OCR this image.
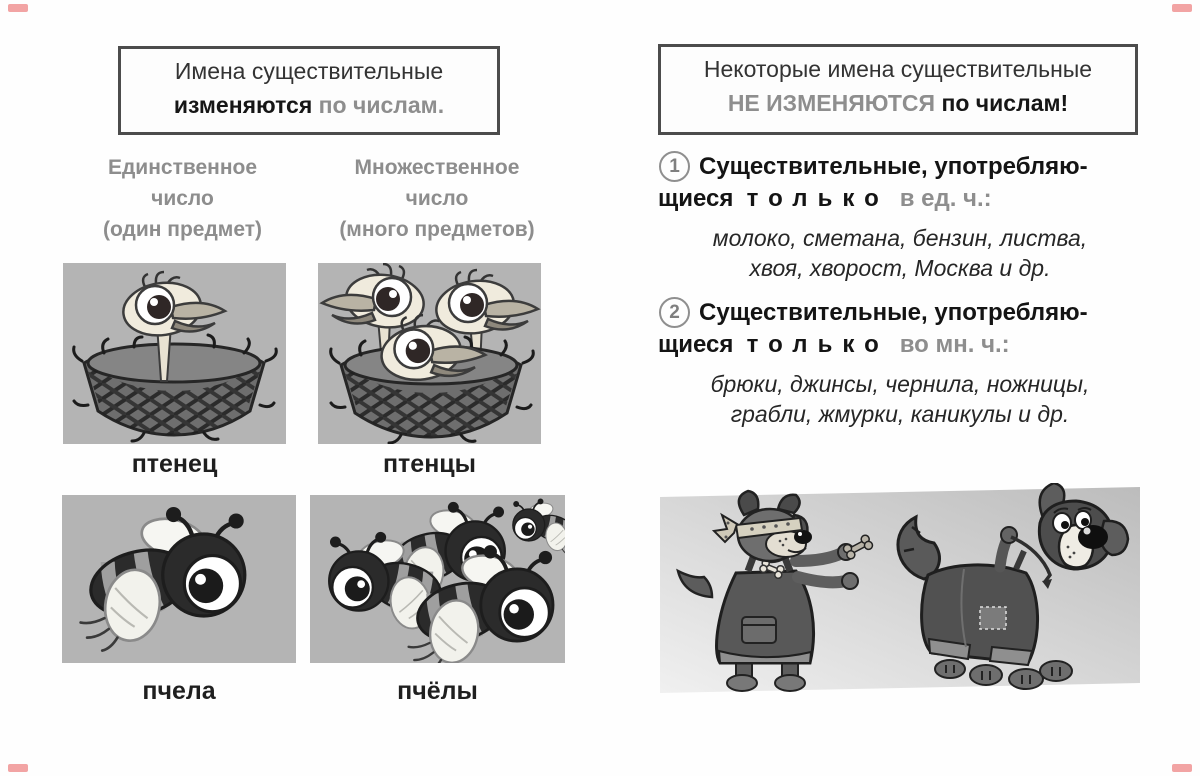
Имена существительные
изменяются по числам.
Некоторые имена существительные
НЕ ИЗМЕНЯЮТСЯ по числам!
Единственное
число
(один предмет)
Множественное
число
(много предметов)
птенец	птенцы
пчела	пчёлы
1 Существительные, употребляю-
щиеся только в ед. ч.:
молоко, сметана, бензин, листва,
хвоя, хворост, Москва и др.
2 Существительные, употребляю-
щиеся только во мн. ч.:
брюки, джинсы, чернила, ножницы,
грабли, жмурки, каникулы и др.
